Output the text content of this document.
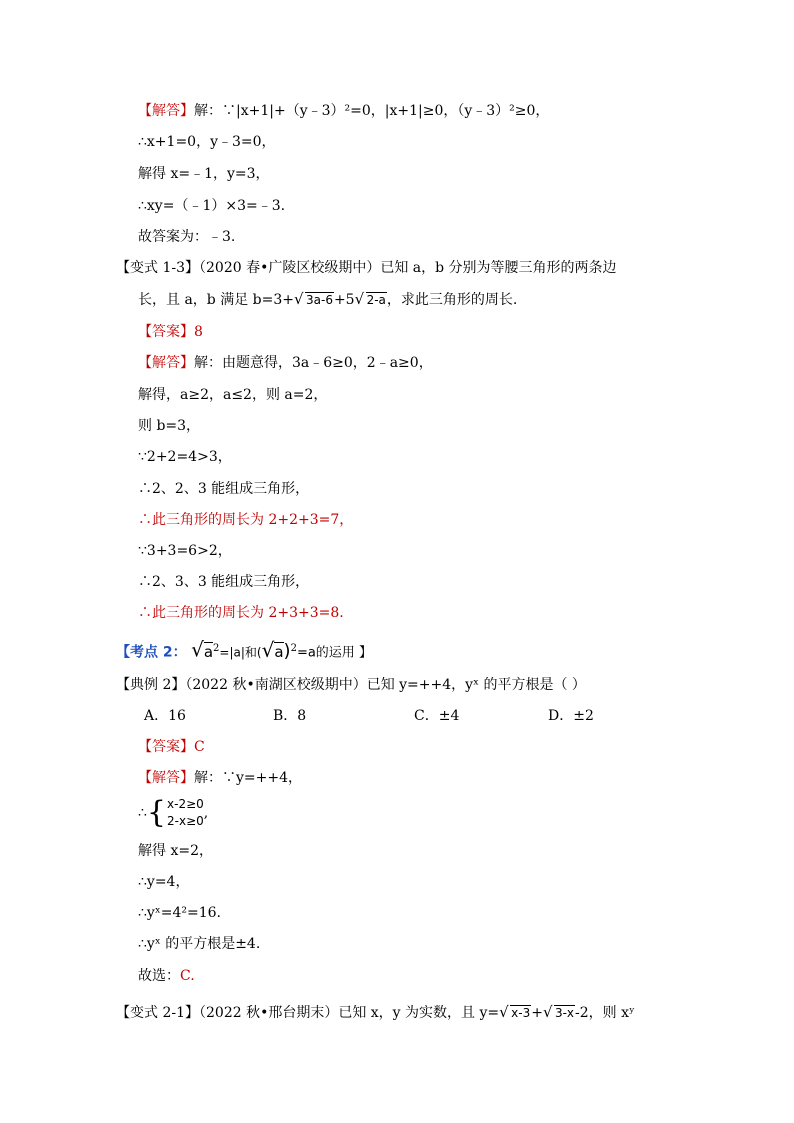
【解答】解：∵|x+1|+（y﹣3）²=0，|x+1|≥0，（y﹣3）²≥0，
∴x+1=0，y﹣3=0，
解得 x=﹣1，y=3，
∴xy=（﹣1）×3=﹣3.
故答案为：﹣3.
【变式 1-3】（2020 春•广陵区校级期中）已知 a，b 分别为等腰三角形的两条边
长，且 a，b 满足 b=3+ √ 3a-6+5 √ 2-a，求此三角形的周长.
【答案】8
【解答】解：由题意得，3a﹣6≥0，2﹣a≥0，
解得，a≥2，a≤2，则 a=2，
则 b=3，
∵2+2=4>3，
∴2、2、3 能组成三角形，
∴此三角形的周长为 2+2+3=7，
∵3+3=6>2，
∴2、3、3 能组成三角形，
∴此三角形的周长为 2+3+3=8.
【考点 2： $√a^2=|a|$和$(√a)^2=a$的运用 】
【典例 2】（2022 秋•南湖区校级期中）已知 y=++4，yˣ 的平方根是（ ）
A．16	B．8	C．±4	D．±2
【答案】C
【解答】解：∵y=++4，
∴{ x-2≥0
2-x≥0 ,
解得 x=2，
∴y=4，
∴yˣ=4²=16.
∴yˣ 的平方根是±4.
故选：C.
【变式 2-1】（2022 秋•邢台期末）已知 x，y 为实数，且 y= √ x-3+ √ 3-x-2，则 xʸ
